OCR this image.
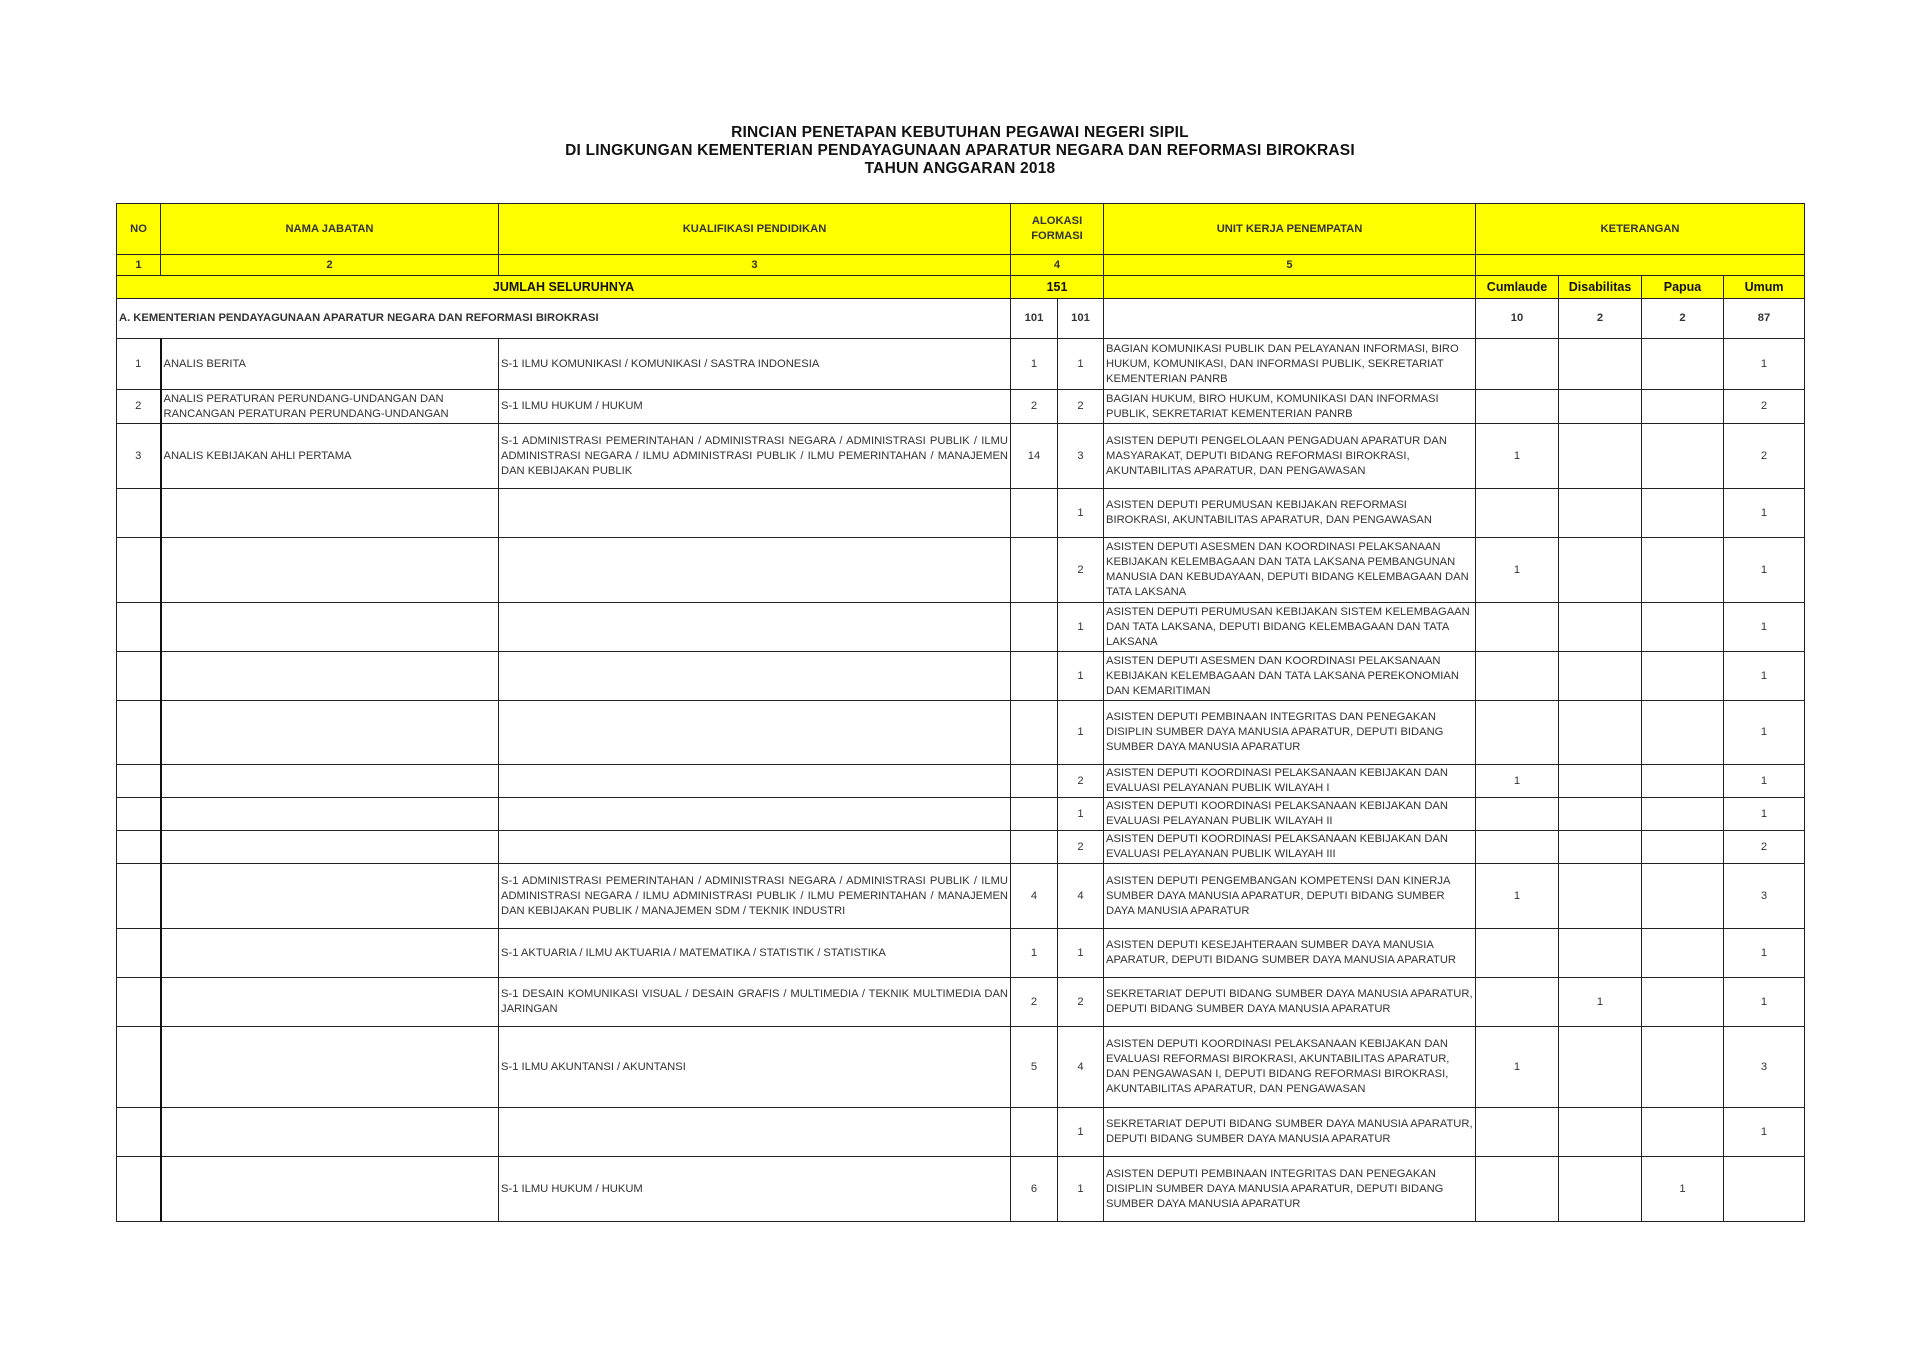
RINCIAN PENETAPAN KEBUTUHAN PEGAWAI NEGERI SIPIL
DI LINGKUNGAN KEMENTERIAN PENDAYAGUNAAN APARATUR NEGARA DAN REFORMASI BIROKRASI
TAHUN ANGGARAN 2018
NO	NAMA JABATAN	KUALIFIKASI PENDIDIKAN	ALOKASI FORMASI		UNIT KERJA PENEMPATAN	KETERANGAN			
1	2	3	4		5				
JUMLAH SELURUHNYA			151			Cumlaude	Disabilitas	Papua	Umum
A. KEMENTERIAN PENDAYAGUNAAN APARATUR NEGARA DAN REFORMASI BIROKRASI			101	101		10	2	2	87
1	ANALIS BERITA	S-1 ILMU KOMUNIKASI / KOMUNIKASI / SASTRA INDONESIA	1	1	BAGIAN KOMUNIKASI PUBLIK DAN PELAYANAN INFORMASI, BIRO HUKUM, KOMUNIKASI, DAN INFORMASI PUBLIK, SEKRETARIAT KEMENTERIAN PANRB				1
2	ANALIS PERATURAN PERUNDANG-UNDANGAN DAN RANCANGAN PERATURAN PERUNDANG-UNDANGAN	S-1 ILMU HUKUM / HUKUM	2	2	BAGIAN HUKUM, BIRO HUKUM, KOMUNIKASI DAN INFORMASI PUBLIK, SEKRETARIAT KEMENTERIAN PANRB				2
3	ANALIS KEBIJAKAN AHLI PERTAMA	S-1 ADMINISTRASI PEMERINTAHAN / ADMINISTRASI NEGARA / ADMINISTRASI PUBLIK / ILMU ADMINISTRASI NEGARA / ILMU ADMINISTRASI PUBLIK / ILMU PEMERINTAHAN / MANAJEMEN DAN KEBIJAKAN PUBLIK	14	3	ASISTEN DEPUTI PENGELOLAAN PENGADUAN APARATUR DAN MASYARAKAT, DEPUTI BIDANG REFORMASI BIROKRASI, AKUNTABILITAS APARATUR, DAN PENGAWASAN	1			2
				1	ASISTEN DEPUTI PERUMUSAN KEBIJAKAN REFORMASI BIROKRASI, AKUNTABILITAS APARATUR, DAN PENGAWASAN				1
				2	ASISTEN DEPUTI ASESMEN DAN KOORDINASI PELAKSANAAN KEBIJAKAN KELEMBAGAAN DAN TATA LAKSANA PEMBANGUNAN MANUSIA DAN KEBUDAYAAN, DEPUTI BIDANG KELEMBAGAAN DAN TATA LAKSANA	1			1
				1	ASISTEN DEPUTI PERUMUSAN KEBIJAKAN SISTEM KELEMBAGAAN DAN TATA LAKSANA, DEPUTI BIDANG KELEMBAGAAN DAN TATA LAKSANA				1
				1	ASISTEN DEPUTI ASESMEN DAN KOORDINASI PELAKSANAAN KEBIJAKAN KELEMBAGAAN DAN TATA LAKSANA PEREKONOMIAN DAN KEMARITIMAN				1
				1	ASISTEN DEPUTI PEMBINAAN INTEGRITAS DAN PENEGAKAN DISIPLIN SUMBER DAYA MANUSIA APARATUR, DEPUTI BIDANG SUMBER DAYA MANUSIA APARATUR				1
				2	ASISTEN DEPUTI KOORDINASI PELAKSANAAN KEBIJAKAN DAN EVALUASI PELAYANAN PUBLIK WILAYAH I	1			1
				1	ASISTEN DEPUTI KOORDINASI PELAKSANAAN KEBIJAKAN DAN EVALUASI PELAYANAN PUBLIK WILAYAH II				1
				2	ASISTEN DEPUTI KOORDINASI PELAKSANAAN KEBIJAKAN DAN EVALUASI PELAYANAN PUBLIK WILAYAH III				2
		S-1 ADMINISTRASI PEMERINTAHAN / ADMINISTRASI NEGARA / ADMINISTRASI PUBLIK / ILMU ADMINISTRASI NEGARA / ILMU ADMINISTRASI PUBLIK / ILMU PEMERINTAHAN / MANAJEMEN DAN KEBIJAKAN PUBLIK / MANAJEMEN SDM / TEKNIK INDUSTRI	4	4	ASISTEN DEPUTI PENGEMBANGAN KOMPETENSI DAN KINERJA SUMBER DAYA MANUSIA APARATUR, DEPUTI BIDANG SUMBER DAYA MANUSIA APARATUR	1			3
		S-1 AKTUARIA / ILMU AKTUARIA / MATEMATIKA / STATISTIK / STATISTIKA	1	1	ASISTEN DEPUTI KESEJAHTERAAN SUMBER DAYA MANUSIA APARATUR, DEPUTI BIDANG SUMBER DAYA MANUSIA APARATUR				1
		S-1 DESAIN KOMUNIKASI VISUAL / DESAIN GRAFIS / MULTIMEDIA / TEKNIK MULTIMEDIA DAN JARINGAN	2	2	SEKRETARIAT DEPUTI BIDANG SUMBER DAYA MANUSIA APARATUR, DEPUTI BIDANG SUMBER DAYA MANUSIA APARATUR		1		1
		S-1 ILMU AKUNTANSI / AKUNTANSI	5	4	ASISTEN DEPUTI KOORDINASI PELAKSANAAN KEBIJAKAN DAN EVALUASI REFORMASI BIROKRASI, AKUNTABILITAS APARATUR, DAN PENGAWASAN I, DEPUTI BIDANG REFORMASI BIROKRASI, AKUNTABILITAS APARATUR, DAN PENGAWASAN	1			3
				1	SEKRETARIAT DEPUTI BIDANG SUMBER DAYA MANUSIA APARATUR, DEPUTI BIDANG SUMBER DAYA MANUSIA APARATUR				1
		S-1 ILMU HUKUM / HUKUM	6	1	ASISTEN DEPUTI PEMBINAAN INTEGRITAS DAN PENEGAKAN DISIPLIN SUMBER DAYA MANUSIA APARATUR, DEPUTI BIDANG SUMBER DAYA MANUSIA APARATUR			1	
